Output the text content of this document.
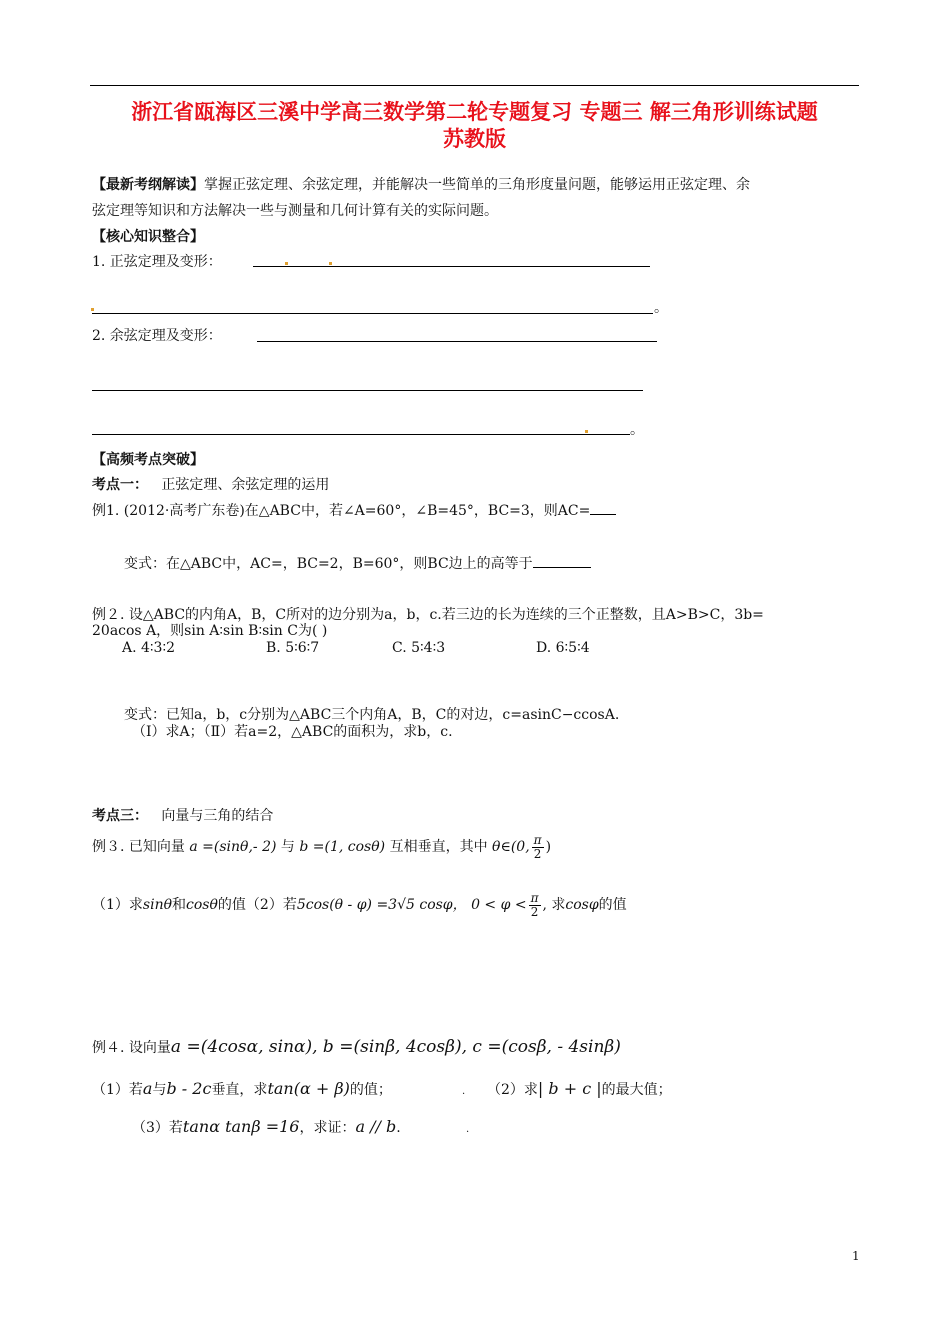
浙江省瓯海区三溪中学高三数学第二轮专题复习 专题三 解三角形训练试题
苏教版
【最新考纲解读】掌握正弦定理、余弦定理，并能解决一些简单的三角形度量问题，能够运用正弦定理、余
弦定理等知识和方法解决一些与测量和几何计算有关的实际问题。
【核心知识整合】
1. 正弦定理及变形：
。
2. 余弦定理及变形：
。
【高频考点突破】
考点一： 正弦定理、余弦定理的运用
例1. (2012·高考广东卷)在△ABC中，若∠A=60°，∠B=45°，BC=3，则AC=
变式：在△ABC中，AC=，BC=2，B=60°，则BC边上的高等于
例２. 设△ABC的内角A，B，C所对的边分别为a，b，c.若三边的长为连续的三个正整数，且A>B>C，3b=
20acos A，则sin A∶sin B∶sin C为( )
A. 4∶3∶2	B. 5∶6∶7	C. 5∶4∶3	D. 6∶5∶4
变式：已知a，b，c分别为△ABC三个内角A，B，C的对边，c=asinC−ccosA.
（Ⅰ）求A；（Ⅱ）若a=2，△ABC的面积为，求b，c.
考点三： 向量与三角的结合
例３. 已知向量 a =(sinθ,- 2) 与 b =(1, cosθ) 互相垂直，其中 θ∈(0, $\frac{\pi}{2}$ )
（1）求sinθ和cosθ的值（2）若5cos(θ - φ) =3√5 cosφ， $0 < \varphi < \frac{\pi}{2}$ , 求cosφ的值
例４. 设向量a =(4cosα, sinα), b =(sinβ, 4cosβ), c =(cosβ, - 4sinβ)
（1）若a与b - 2c垂直，求tan(α + β)的值；	. （2）求| b + c |的最大值；
（3）若tanα tanβ =16，求证：a // b.	.
1
